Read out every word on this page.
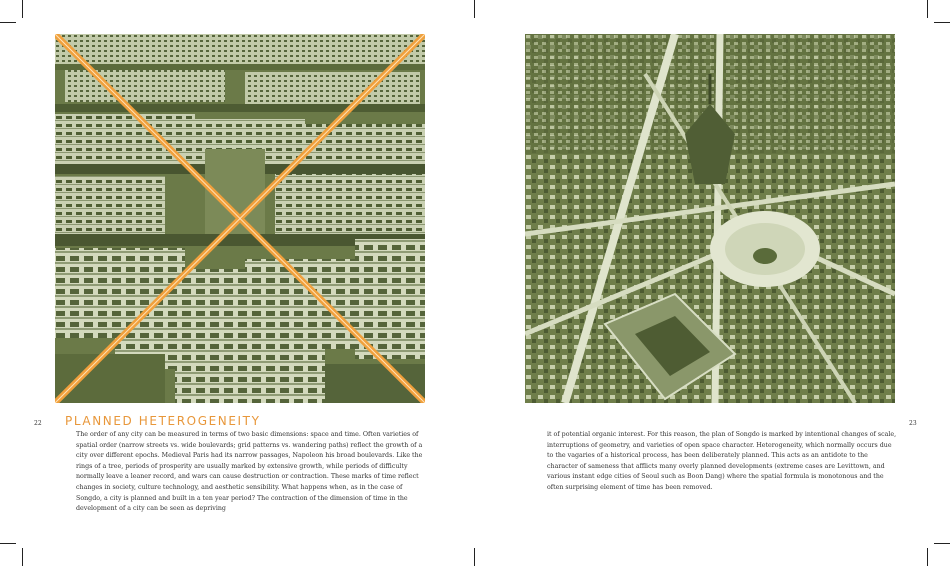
22	23
PLANNED HETEROGENEITY
The order of any city can be measured in terms of two basic dimensions: space and time. Often varieties of spatial order (narrow streets vs. wide boulevards; grid patterns vs. wandering paths) reflect the growth of a city over different epochs. Medieval Paris had its narrow passages, Napoleon his broad boulevards. Like the rings of a tree, periods of prosperity are usually marked by extensive growth, while periods of difficulty normally leave a leaner record, and wars can cause destruction or contraction. These marks of time reflect changes in society, culture technology, and aesthetic sensibility. What happens when, as in the case of Songdo, a city is planned and built in a ten year period? The contraction of the dimension of time in the development of a city can be seen as depriving
it of potential organic interest. For this reason, the plan of Songdo is marked by intentional changes of scale, interruptions of geometry, and varieties of open space character. Heterogeneity, which normally occurs due to the vagaries of a historical process, has been deliberately planned. This acts as an antidote to the character of sameness that afflicts many overly planned developments (extreme cases are Levittown, and various instant edge cities of Seoul such as Boon Dang) where the spatial formula is monotonous and the often surprising element of time has been removed.
